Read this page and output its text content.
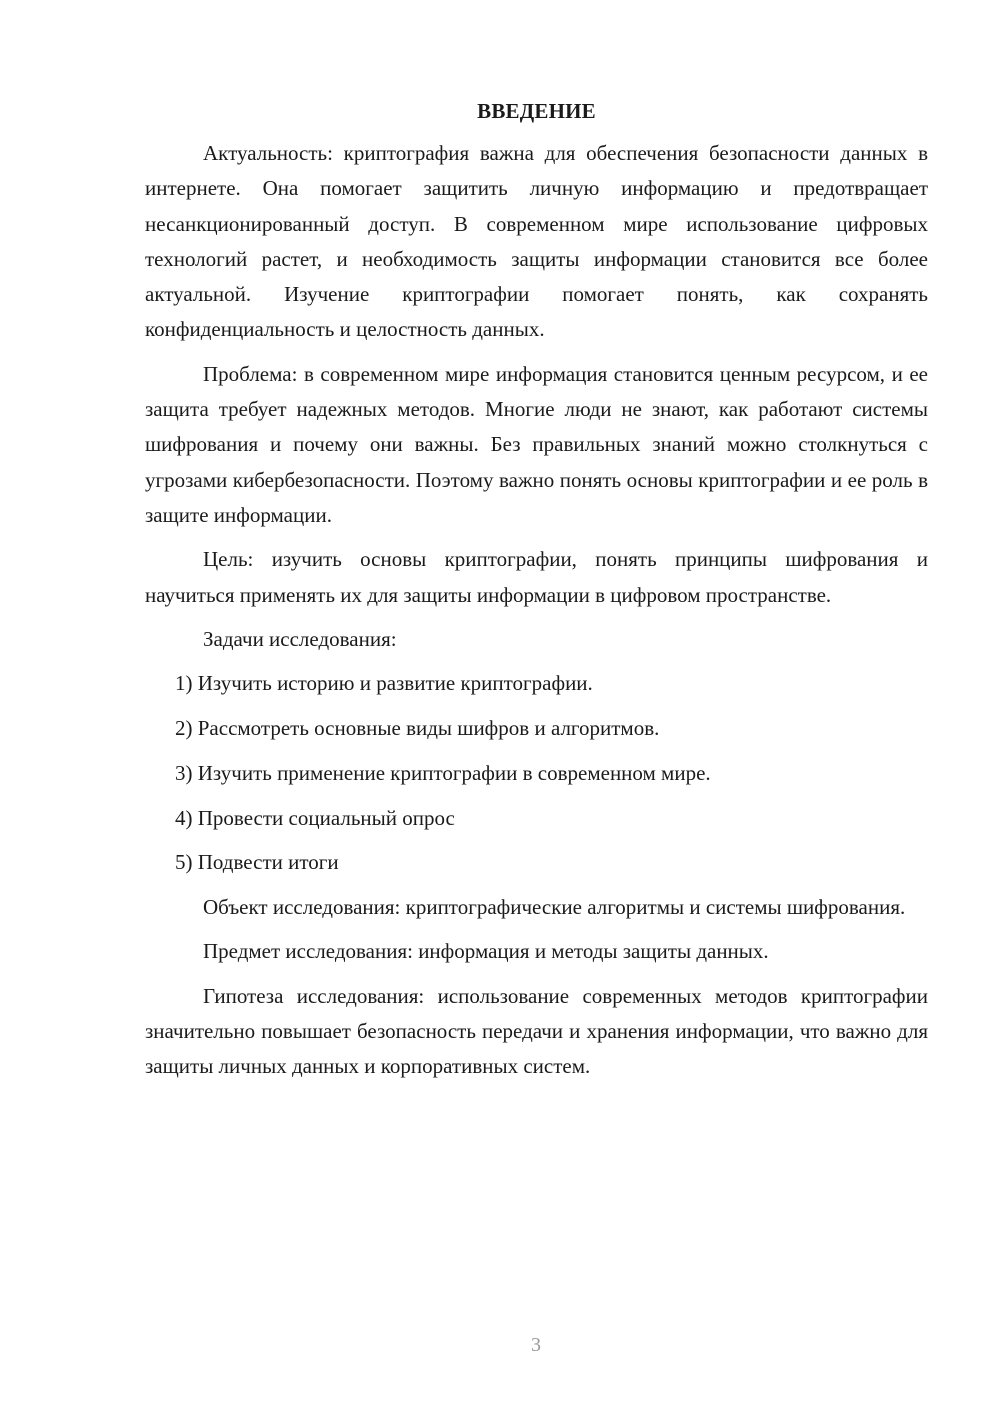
ВВЕДЕНИЕ

Актуальность: криптография важна для обеспечения безопасности данных в интернете. Она помогает защитить личную информацию и предотвращает несанкционированный доступ. В современном мире использование цифровых технологий растет, и необходимость защиты информации становится все более актуальной. Изучение криптографии помогает понять, как сохранять конфиденциальность и целостность данных.

Проблема: в современном мире информация становится ценным ресурсом, и ее защита требует надежных методов. Многие люди не знают, как работают системы шифрования и почему они важны. Без правильных знаний можно столкнуться с угрозами кибербезопасности. Поэтому важно понять основы криптографии и ее роль в защите информации.

Цель: изучить основы криптографии, понять принципы шифрования и научиться применять их для защиты информации в цифровом пространстве.

Задачи исследования:

1) Изучить историю и развитие криптографии.
2) Рассмотреть основные виды шифров и алгоритмов.
3) Изучить применение криптографии в современном мире.
4) Провести социальный опрос
5) Подвести итоги

Объект исследования: криптографические алгоритмы и системы шифрования.

Предмет исследования: информация и методы защиты данных.

Гипотеза исследования: использование современных методов криптографии значительно повышает безопасность передачи и хранения информации, что важно для защиты личных данных и корпоративных систем.

3
